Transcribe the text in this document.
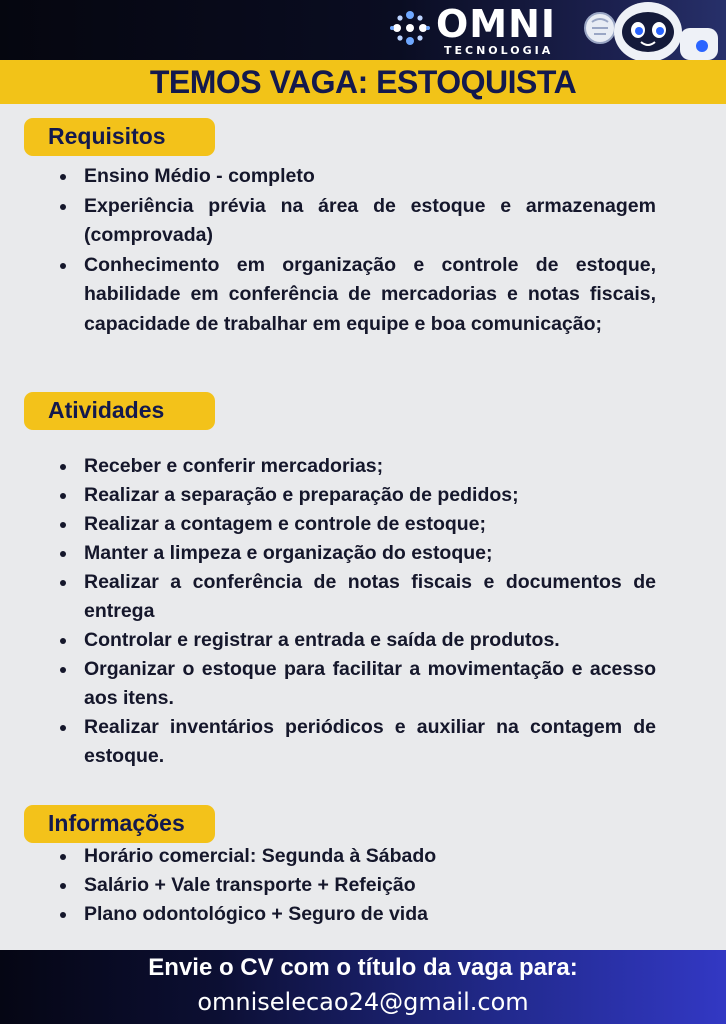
OMNI
TECNOLOGIA
TEMOS VAGA: ESTOQUISTA
Requisitos
Ensino Médio - completo
Experiência prévia na área de estoque e armazenagem (comprovada)
Conhecimento em organização e controle de estoque, habilidade em conferência de mercadorias e notas fiscais, capacidade de trabalhar em equipe e boa comunicação;
Atividades
Receber e conferir mercadorias;
Realizar a separação e preparação de pedidos;
Realizar a contagem e controle de estoque;
Manter a limpeza e organização do estoque;
Realizar a conferência de notas fiscais e documentos de entrega
Controlar e registrar a entrada e saída de produtos.
Organizar o estoque para facilitar a movimentação e acesso aos itens.
Realizar inventários periódicos e auxiliar na contagem de estoque.
Informações
Horário comercial: Segunda à Sábado
Salário + Vale transporte + Refeição
Plano odontológico + Seguro de vida
Envie o CV com o título da vaga para:
omniselecao24@gmail.com
